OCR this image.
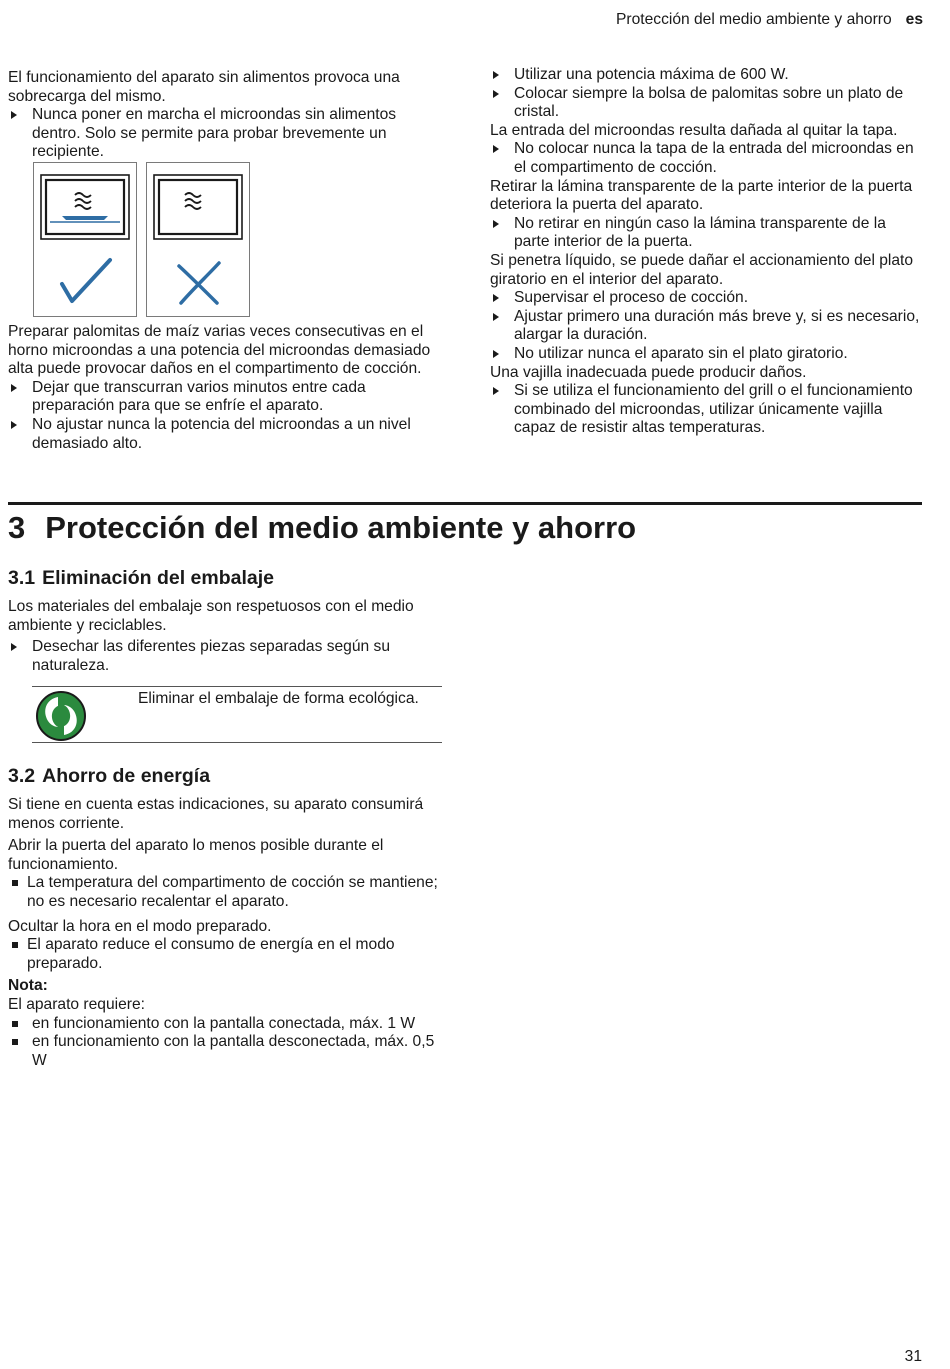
Protección del medio ambiente y ahorro es

El funcionamiento del aparato sin alimentos provoca una sobrecarga del mismo.

Nunca poner en marcha el microondas sin alimentos dentro. Solo se permite para probar brevemente un recipiente.

Preparar palomitas de maíz varias veces consecutivas en el horno microondas a una potencia del microondas demasiado alta puede provocar daños en el compartimento de cocción.

Dejar que transcurran varios minutos entre cada preparación para que se enfríe el aparato.

No ajustar nunca la potencia del microondas a un nivel demasiado alto.

Utilizar una potencia máxima de 600 W.

Colocar siempre la bolsa de palomitas sobre un plato de cristal.

La entrada del microondas resulta dañada al quitar la tapa.

No colocar nunca la tapa de la entrada del microondas en el compartimento de cocción.

Retirar la lámina transparente de la parte interior de la puerta deteriora la puerta del aparato.

No retirar en ningún caso la lámina transparente de la parte interior de la puerta.

Si penetra líquido, se puede dañar el accionamiento del plato giratorio en el interior del aparato.

Supervisar el proceso de cocción.

Ajustar primero una duración más breve y, si es necesario, alargar la duración.

No utilizar nunca el aparato sin el plato giratorio.

Una vajilla inadecuada puede producir daños.

Si se utiliza el funcionamiento del grill o el funcionamiento combinado del microondas, utilizar únicamente vajilla capaz de resistir altas temperaturas.

3 Protección del medio ambiente y ahorro

3.1 Eliminación del embalaje

Los materiales del embalaje son respetuosos con el medio ambiente y reciclables.

Desechar las diferentes piezas separadas según su naturaleza.

Eliminar el embalaje de forma ecológica.

3.2 Ahorro de energía

Si tiene en cuenta estas indicaciones, su aparato consumirá menos corriente.

Abrir la puerta del aparato lo menos posible durante el funcionamiento.

La temperatura del compartimento de cocción se mantiene; no es necesario recalentar el aparato.

Ocultar la hora en el modo preparado.

El aparato reduce el consumo de energía en el modo preparado.

Nota:

El aparato requiere:

en funcionamiento con la pantalla conectada, máx. 1 W

en funcionamiento con la pantalla desconectada, máx. 0,5 W

31
